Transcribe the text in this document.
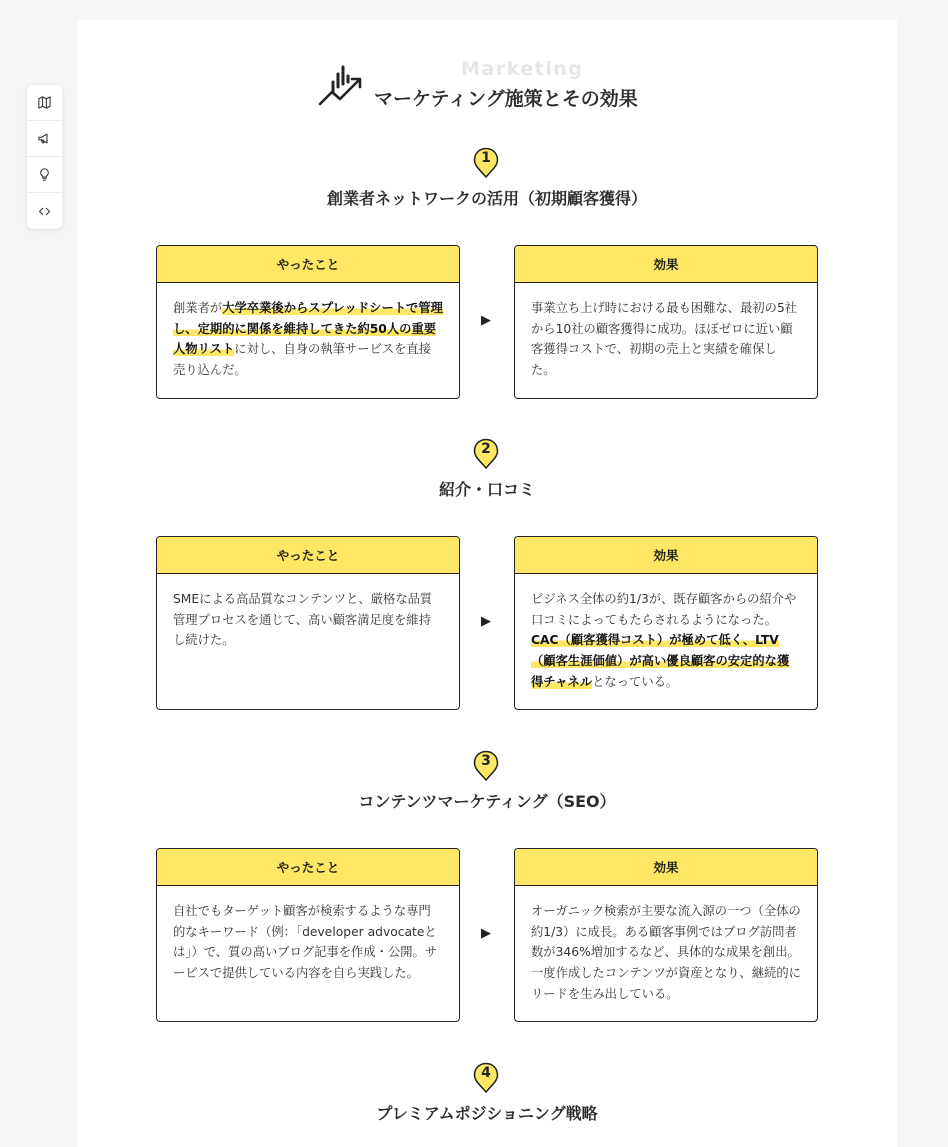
Marketing
マーケティング施策とその効果
1
創業者ネットワークの活用（初期顧客獲得）
やったこと
創業者が大学卒業後からスプレッドシートで管理し、定期的に関係を維持してきた約50人の重要人物リストに対し、自身の執筆サービスを直接売り込んだ。
効果
事業立ち上げ時における最も困難な、最初の5社から10社の顧客獲得に成功。ほぼゼロに近い顧客獲得コストで、初期の売上と実績を確保した。
▶
2
紹介・口コミ
やったこと
SMEによる高品質なコンテンツと、厳格な品質管理プロセスを通じて、高い顧客満足度を維持し続けた。
効果
ビジネス全体の約1/3が、既存顧客からの紹介や口コミによってもたらされるようになった。CAC（顧客獲得コスト）が極めて低く、LTV（顧客生涯価値）が高い優良顧客の安定的な獲得チャネルとなっている。
▶
3
コンテンツマーケティング（SEO）
やったこと
自社でもターゲット顧客が検索するような専門的なキーワード（例：「developer advocateとは」）で、質の高いブログ記事を作成・公開。サービスで提供している内容を自ら実践した。
効果
オーガニック検索が主要な流入源の一つ（全体の約1/3）に成長。ある顧客事例ではブログ訪問者数が346%増加するなど、具体的な成果を創出。一度作成したコンテンツが資産となり、継続的にリードを生み出している。
▶
4
プレミアムポジショニング戦略
